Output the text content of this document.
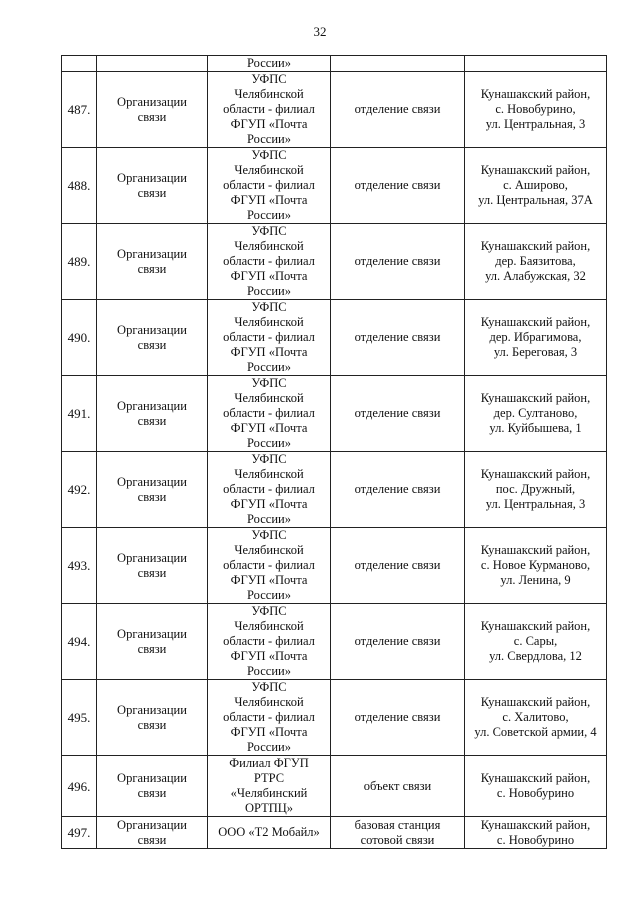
32
		России»		
487.	Организации
связи	УФПС
Челябинской
области - филиал
ФГУП «Почта
России»	отделение связи	Кунашакский район,
с. Новобурино,
ул. Центральная, 3
488.	Организации
связи	УФПС
Челябинской
области - филиал
ФГУП «Почта
России»	отделение связи	Кунашакский район,
с. Аширово,
ул. Центральная, 37А
489.	Организации
связи	УФПС
Челябинской
области - филиал
ФГУП «Почта
России»	отделение связи	Кунашакский район,
дер. Баязитова,
ул. Алабужская, 32
490.	Организации
связи	УФПС
Челябинской
области - филиал
ФГУП «Почта
России»	отделение связи	Кунашакский район,
дер. Ибрагимова,
ул. Береговая, 3
491.	Организации
связи	УФПС
Челябинской
области - филиал
ФГУП «Почта
России»	отделение связи	Кунашакский район,
дер. Султаново,
ул. Куйбышева, 1
492.	Организации
связи	УФПС
Челябинской
области - филиал
ФГУП «Почта
России»	отделение связи	Кунашакский район,
пос. Дружный,
ул. Центральная, 3
493.	Организации
связи	УФПС
Челябинской
области - филиал
ФГУП «Почта
России»	отделение связи	Кунашакский район,
с. Новое Курманово,
ул. Ленина, 9
494.	Организации
связи	УФПС
Челябинской
области - филиал
ФГУП «Почта
России»	отделение связи	Кунашакский район,
с. Сары,
ул. Свердлова, 12
495.	Организации
связи	УФПС
Челябинской
области - филиал
ФГУП «Почта
России»	отделение связи	Кунашакский район,
с. Халитово,
ул. Советской армии, 4
496.	Организации
связи	Филиал ФГУП
РТРС
«Челябинский
ОРТПЦ»	объект связи	Кунашакский район,
с. Новобурино
497.	Организации
связи	ООО «Т2 Мобайл»	базовая станция
сотовой связи	Кунашакский район,
с. Новобурино
